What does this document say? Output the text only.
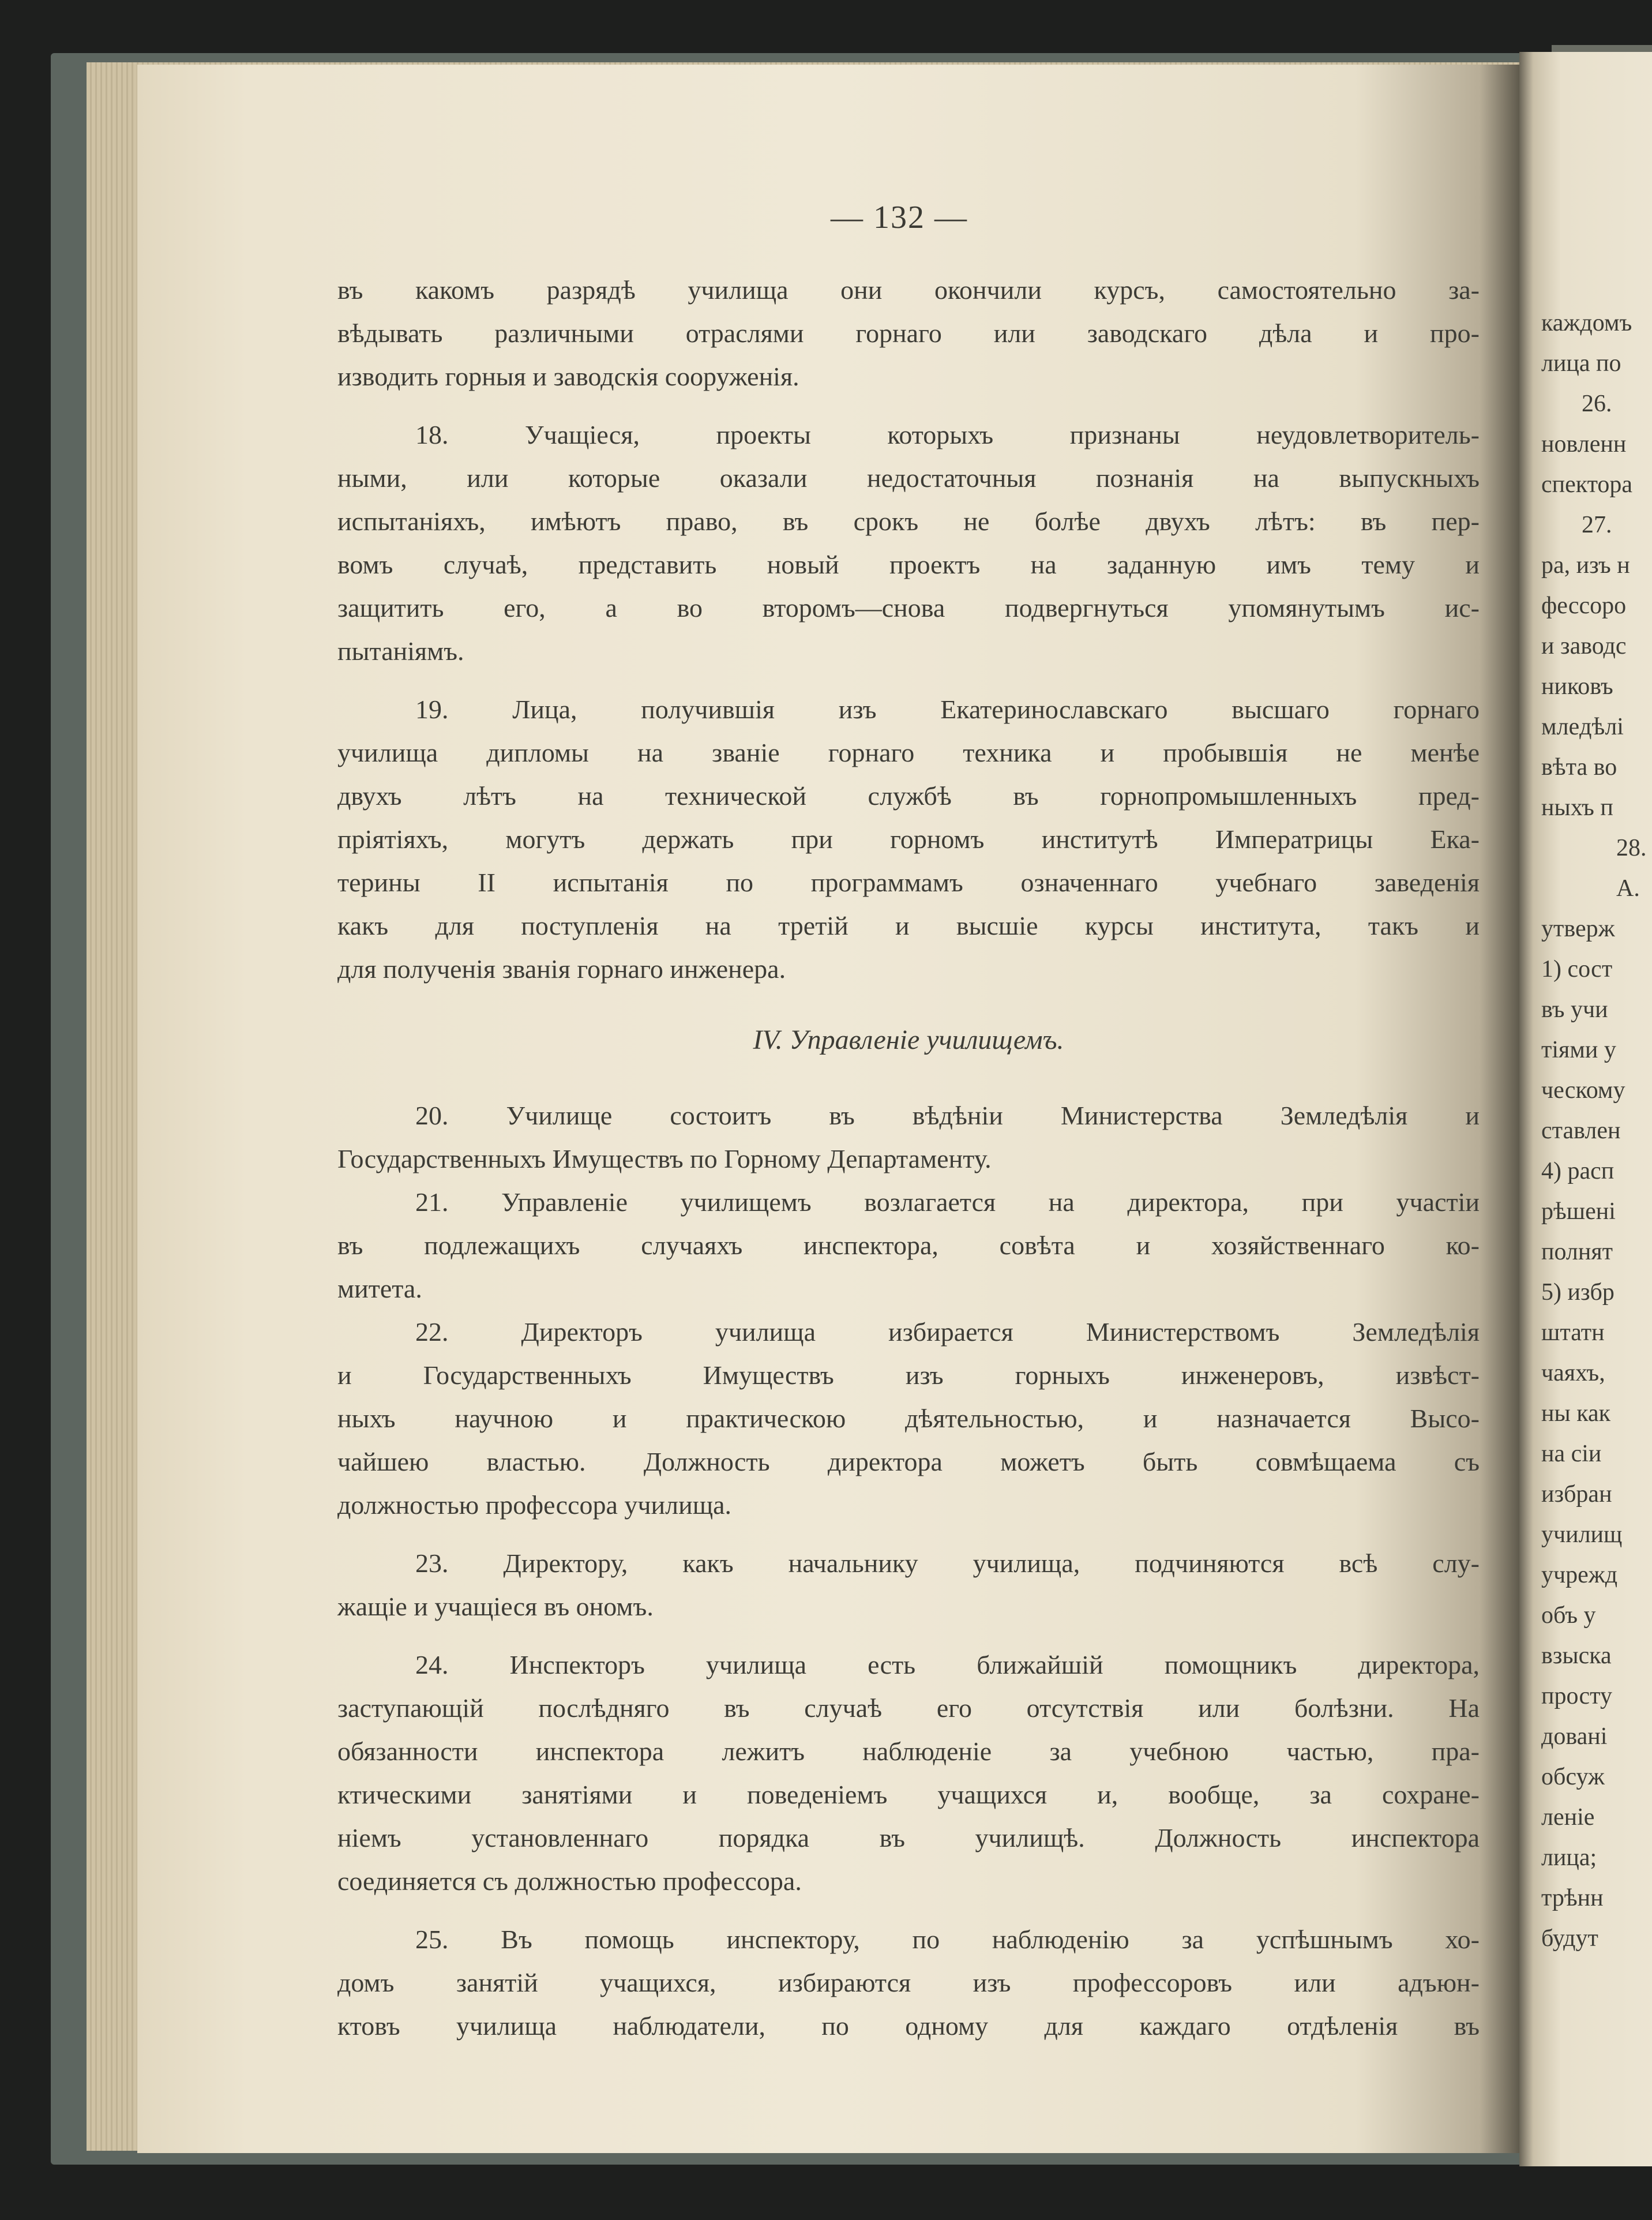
каждомъ
лица по
26.
новленн
спектора
27.
ра, изъ н
фессоро
и заводс
никовъ
млeдѣлі
вѣта во
ныхъ п
28.
А.
утверж
1) сост
въ учи
тіями у
ческому
ставлен
4) расп
рѣшені
полнят
5) избр
штатн
чаяхъ,
ны как
на сіи
избран
училищ
учрежд
объ у
взыска
просту
довані
обсуж
леніе
лица;
трѣнн
будут
— 132 —
въ какомъ разрядѣ училища они окончили курсъ, самостоятельно за-
вѣдывать различными отраслями горнаго или заводскаго дѣла и про-
изводить горныя и заводскія сооруженія.
18. Учащіеся, проекты которыхъ признаны неудовлетворитель-
ными, или которые оказали недостаточныя познанія на выпускныхъ
испытаніяхъ, имѣютъ право, въ срокъ не болѣе двухъ лѣтъ: въ пер-
вомъ случаѣ, представить новый проектъ на заданную имъ тему и
защитить его, а во второмъ—снова подвергнуться упомянутымъ ис-
пытаніямъ.
19. Лица, получившія изъ Екатеринославскаго высшаго горнаго
училища дипломы на званіе горнаго техника и пробывшія не менѣе
двухъ лѣтъ на технической службѣ въ горнопромышленныхъ пред-
пріятіяхъ, могутъ держать при горномъ институтѣ Императрицы Ека-
терины II испытанія по программамъ означеннаго учебнаго заведенія
какъ для поступленія на третій и высшіе курсы института, такъ и
для полученія званія горнаго инженера.
IV. Управленіе училищемъ.
20. Училище состоитъ въ вѣдѣніи Министерства Земледѣлія и
Государственныхъ Имуществъ по Горному Департаменту.
21. Управленіе училищемъ возлагается на директора, при участіи
въ подлежащихъ случаяхъ инспектора, совѣта и хозяйственнаго ко-
митета.
22. Директоръ училища избирается Министерствомъ Земледѣлія
и Государственныхъ Имуществъ изъ горныхъ инженеровъ, извѣст-
ныхъ научною и практическою дѣятельностью, и назначается Высо-
чайшею властью. Должность директора можетъ быть совмѣщаема съ
должностью профессора училища.
23. Директору, какъ начальнику училища, подчиняются всѣ слу-
жащіе и учащіеся въ ономъ.
24. Инспекторъ училища есть ближайшій помощникъ директора,
заступающій послѣдняго въ случаѣ его отсутствія или болѣзни. На
обязанности инспектора лежитъ наблюденіе за учебною частью, пра-
ктическими занятіями и поведеніемъ учащихся и, вообще, за сохране-
ніемъ установленнаго порядка въ училищѣ. Должность инспектора
соединяется съ должностью профессора.
25. Въ помощь инспектору, по наблюденію за успѣшнымъ хо-
домъ занятій учащихся, избираются изъ профессоровъ или адъюн-
ктовъ училища наблюдатели, по одному для каждаго отдѣленія въ
